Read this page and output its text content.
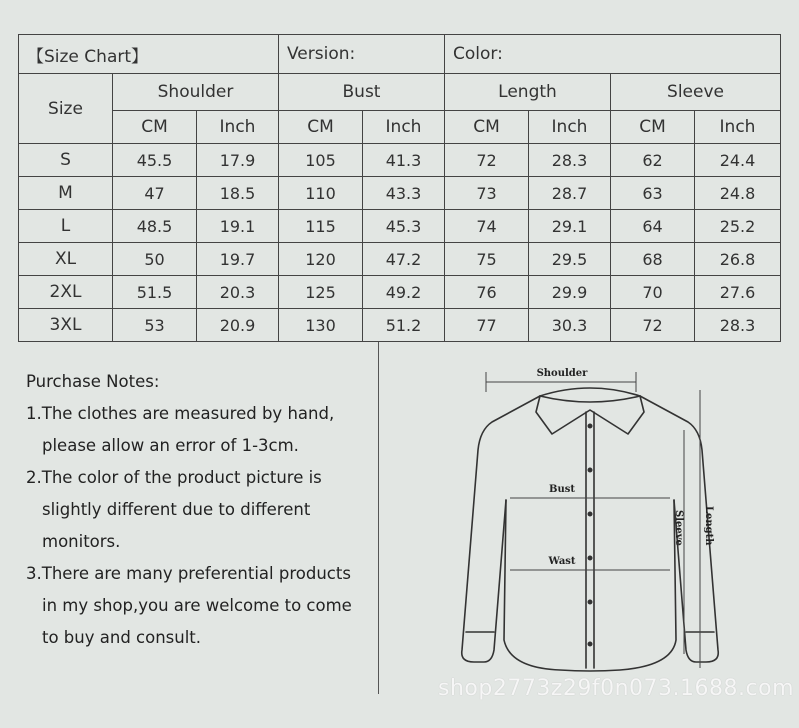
【Size Chart】			Version:		Color:			
Size	Shoulder		Bust		Length		Sleeve	
	CM	Inch	CM	Inch	CM	Inch	CM	Inch
S	45.5	17.9	105	41.3	72	28.3	62	24.4
M	47	18.5	110	43.3	73	28.7	63	24.8
L	48.5	19.1	115	45.3	74	29.1	64	25.2
XL	50	19.7	120	47.2	75	29.5	68	26.8
2XL	51.5	20.3	125	49.2	76	29.9	70	27.6
3XL	53	20.9	130	51.2	77	30.3	72	28.3
Purchase Notes:
1.The clothes are measured by hand,
please allow an error of 1-3cm.
2.The color of the product picture is
slightly different due to different
monitors.
3.There are many preferential products
in my shop,you are welcome to come
to buy and consult.
Shoulder
Bust
Wast
Sleeve Length
shop2773z29f0n073.1688.com
